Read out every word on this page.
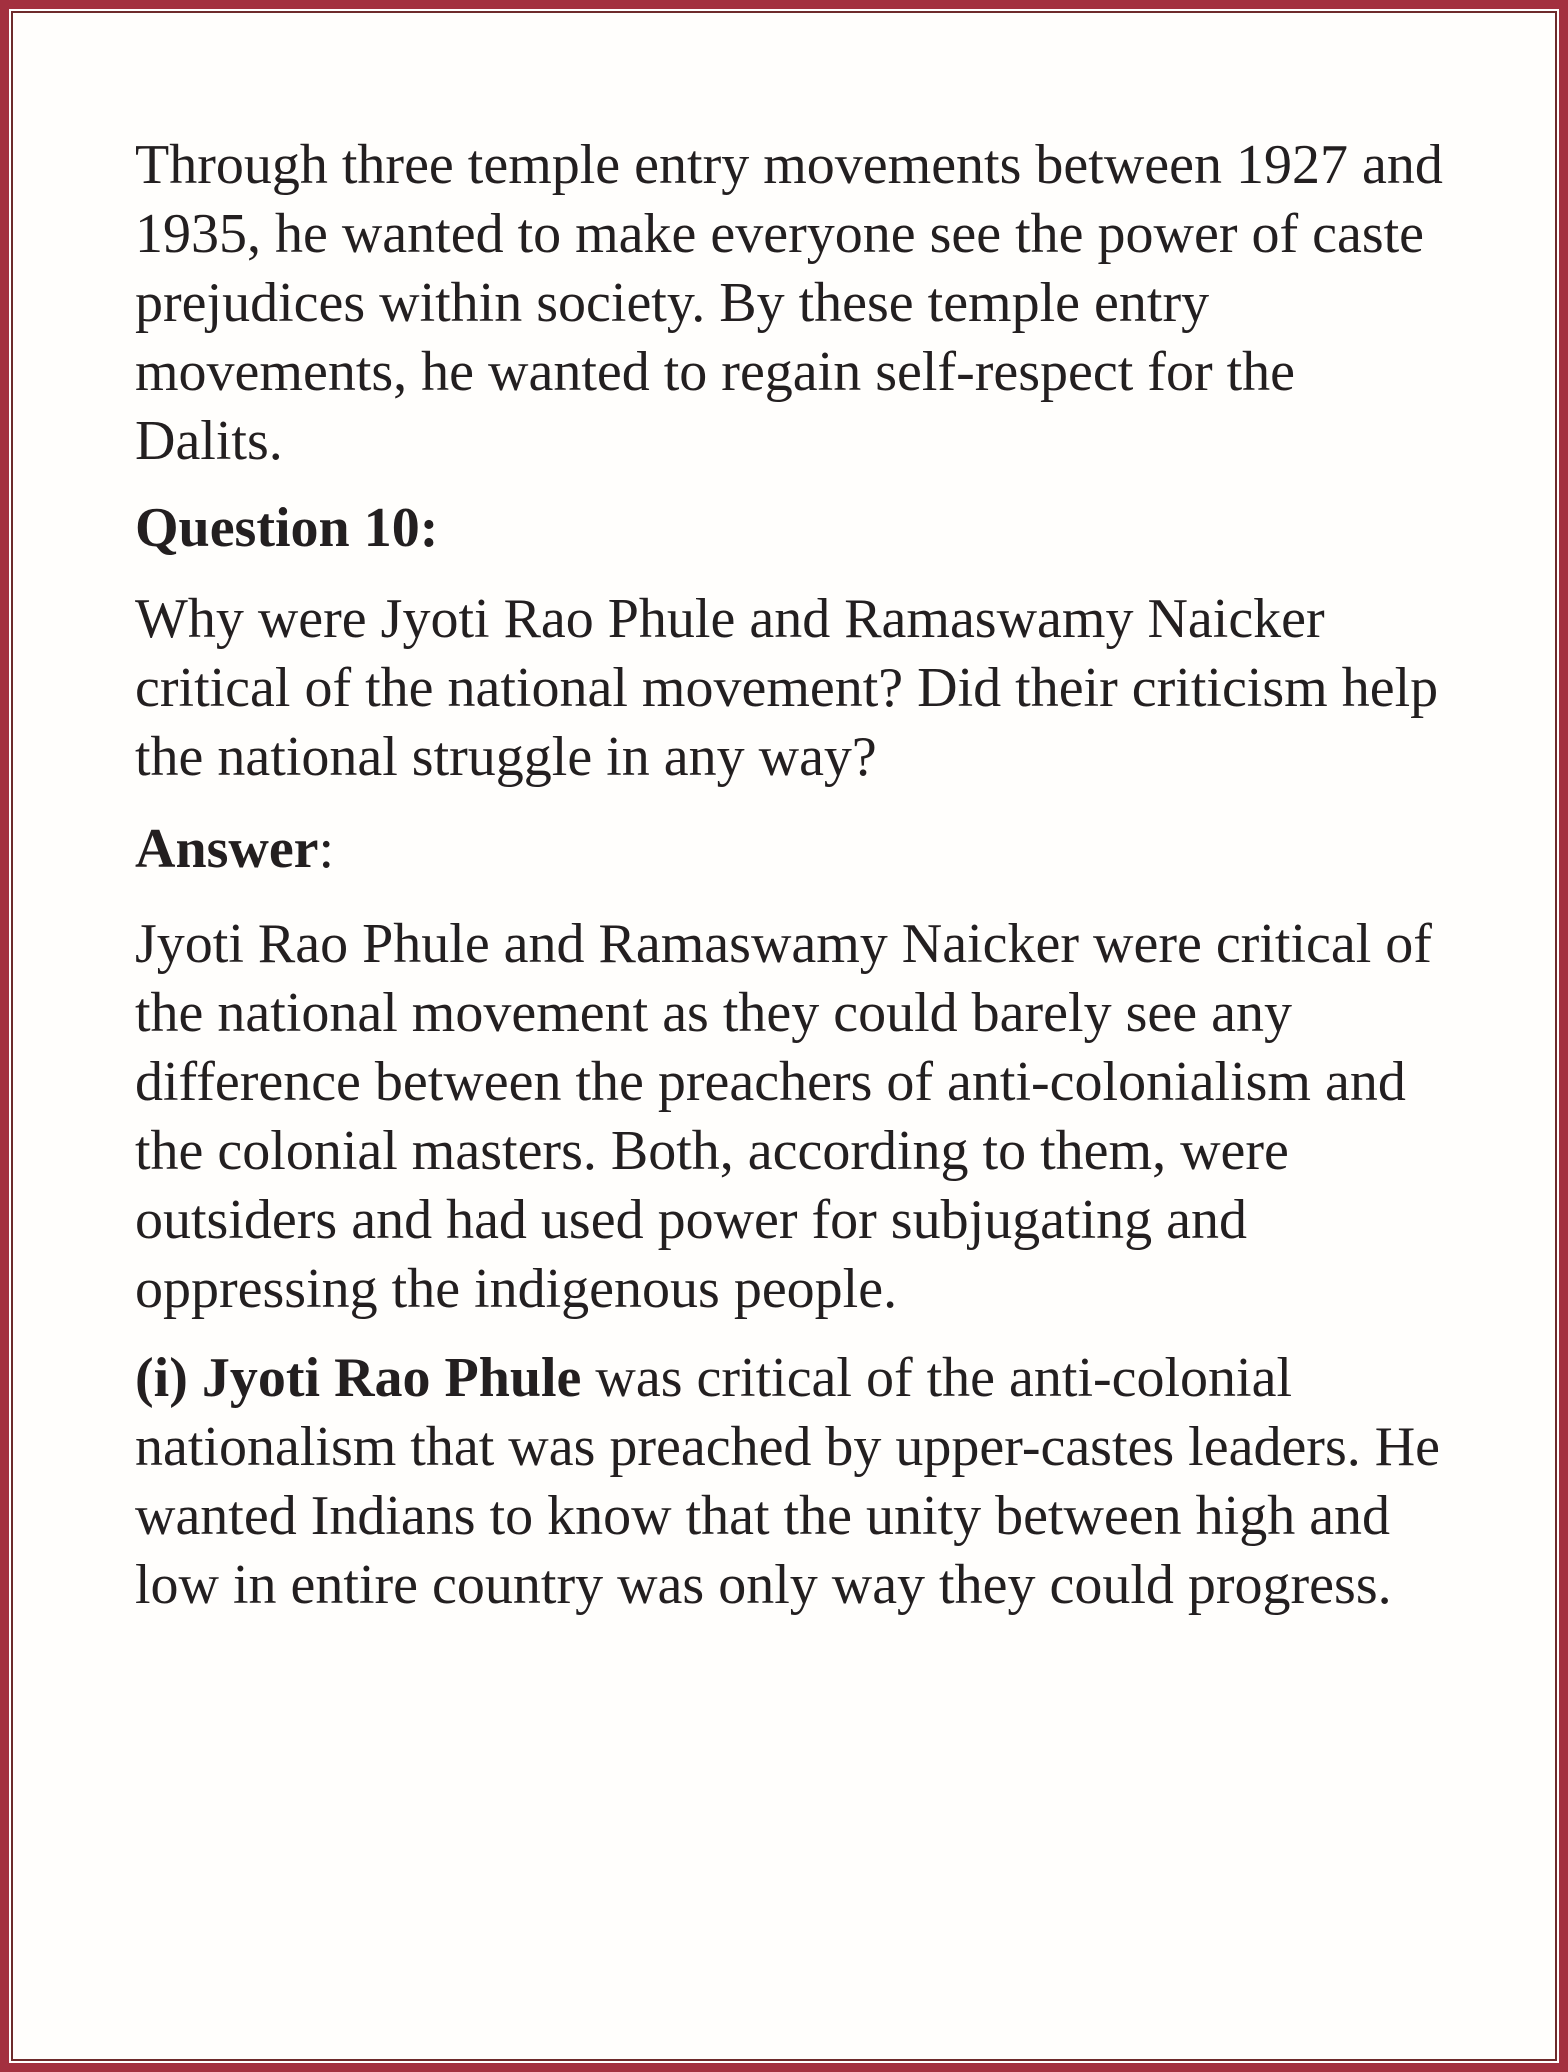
Through three temple entry movements between 1927 and
1935, he wanted to make everyone see the power of caste
prejudices within society. By these temple entry
movements, he wanted to regain self-respect for the
Dalits.
Question 10:
Why were Jyoti Rao Phule and Ramaswamy Naicker
critical of the national movement? Did their criticism help
the national struggle in any way?
Answer:
Jyoti Rao Phule and Ramaswamy Naicker were critical of
the national movement as they could barely see any
difference between the preachers of anti-colonialism and
the colonial masters. Both, according to them, were
outsiders and had used power for subjugating and
oppressing the indigenous people.
(i) Jyoti Rao Phule was critical of the anti-colonial
nationalism that was preached by upper-castes leaders. He
wanted Indians to know that the unity between high and
low in entire country was only way they could progress.
